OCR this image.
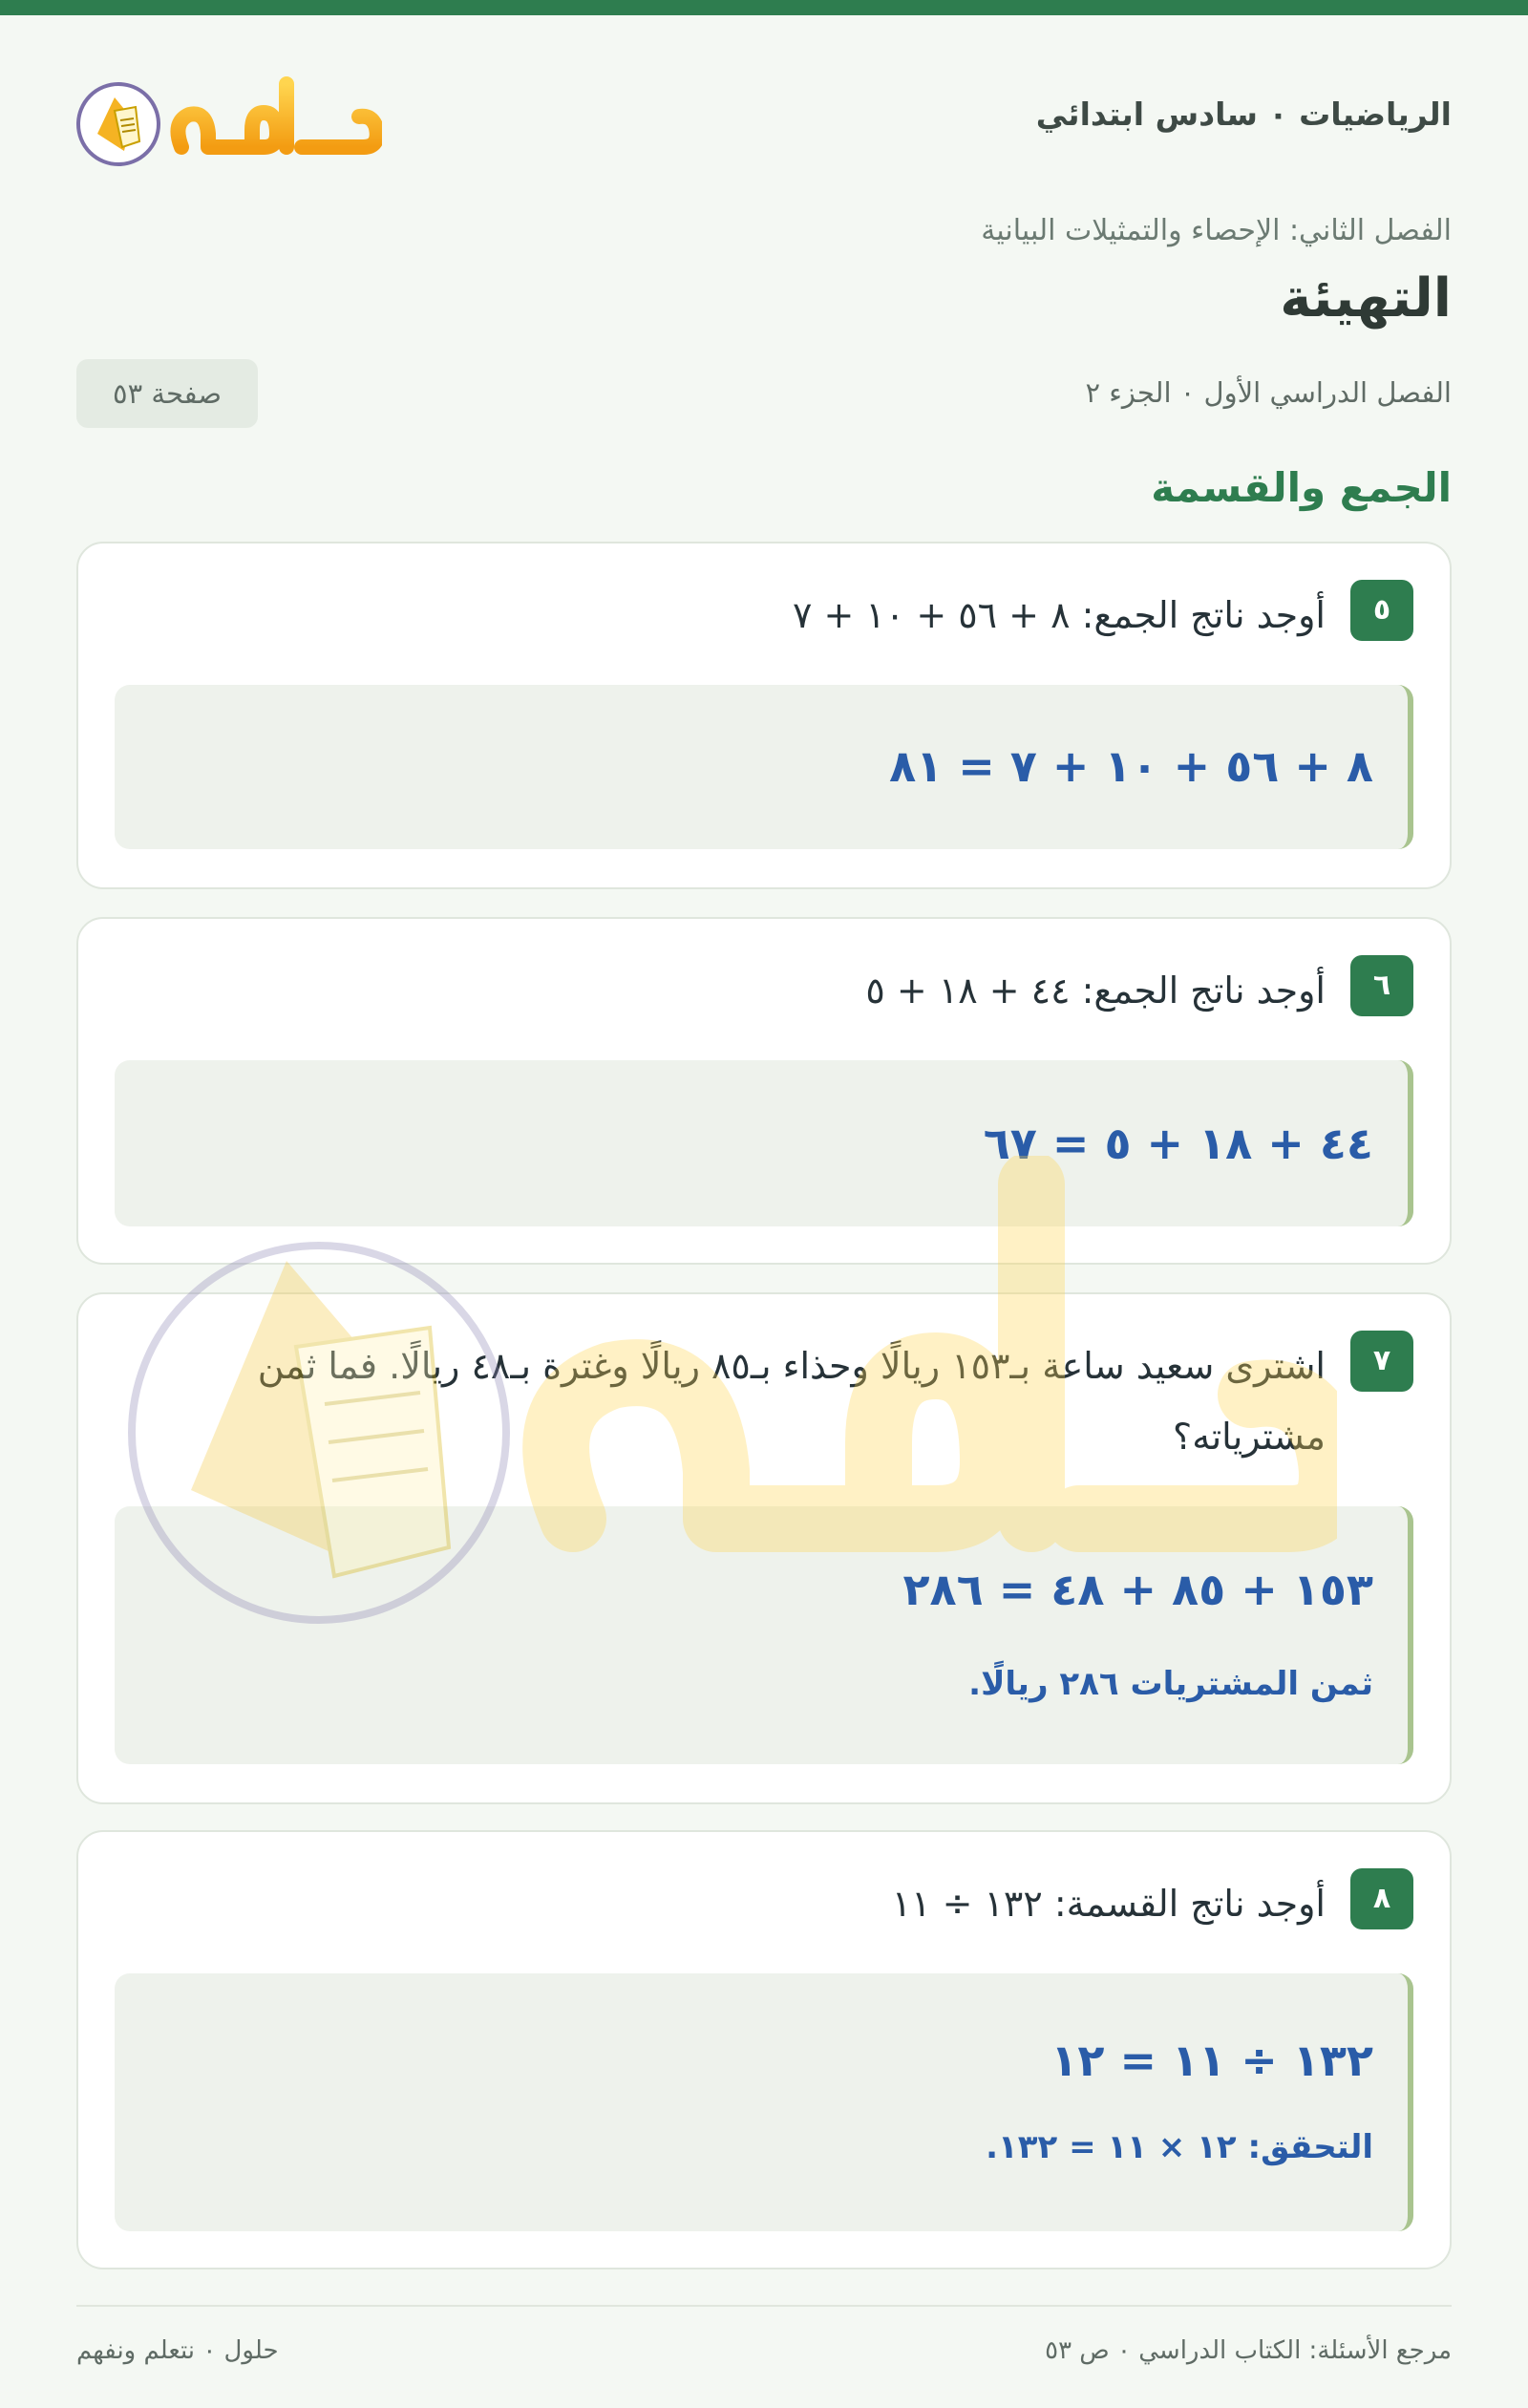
الرياضيات ٠ سادس ابتدائي
حلول
الفصل الثاني: الإحصاء والتمثيلات البيانية
التهيئة
الفصل الدراسي الأول ٠ الجزء ٢
صفحة ٥٣
الجمع والقسمة
٥
أوجد ناتج الجمع: ٨ + ٥٦ + ١٠ + ٧
٨ + ٥٦ + ١٠ + ٧ = ٨١
٦
أوجد ناتج الجمع: ٤٤ + ١٨ + ٥
٤٤ + ١٨ + ٥ = ٦٧
٧
اشترى سعيد ساعة بـ١٥٣ ريالًا وحذاء بـ٨٥ ريالًا وغترة بـ٤٨ ريالًا. فما ثمن مشترياته؟
١٥٣ + ٨٥ + ٤٨ = ٢٨٦
ثمن المشتريات ٢٨٦ ريالًا.
٨
أوجد ناتج القسمة: ١٣٢ ÷ ١١
١٣٢ ÷ ١١ = ١٢
التحقق: ١٢ × ١١ = ١٣٢.
مرجع الأسئلة: الكتاب الدراسي ٠ ص ٥٣
حلول ٠ نتعلم ونفهم
